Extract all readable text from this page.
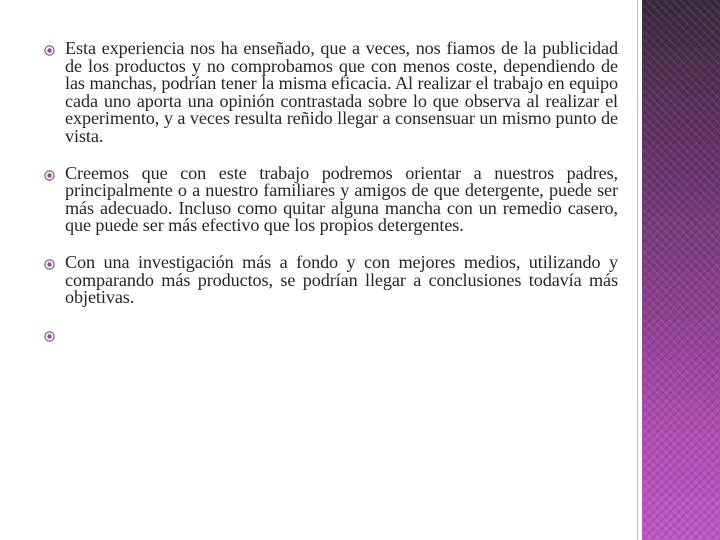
Esta experiencia nos ha enseñado, que a veces, nos fiamos de la publicidad de los productos y no comprobamos que con menos coste, dependiendo de las manchas, podrían tener la misma eficacia. Al realizar el trabajo en equipo cada uno aporta una opinión contrastada sobre lo que observa al realizar el experimento, y a veces resulta reñido llegar a consensuar un mismo punto de vista.
Creemos que con este trabajo podremos orientar a nuestros padres, principalmente o a nuestro familiares y amigos de que detergente, puede ser más adecuado. Incluso como quitar alguna mancha con un remedio casero, que puede ser más efectivo que los propios detergentes.
Con una investigación más a fondo y con mejores medios, utilizando y comparando más productos, se podrían llegar a conclusiones todavía más objetivas.
